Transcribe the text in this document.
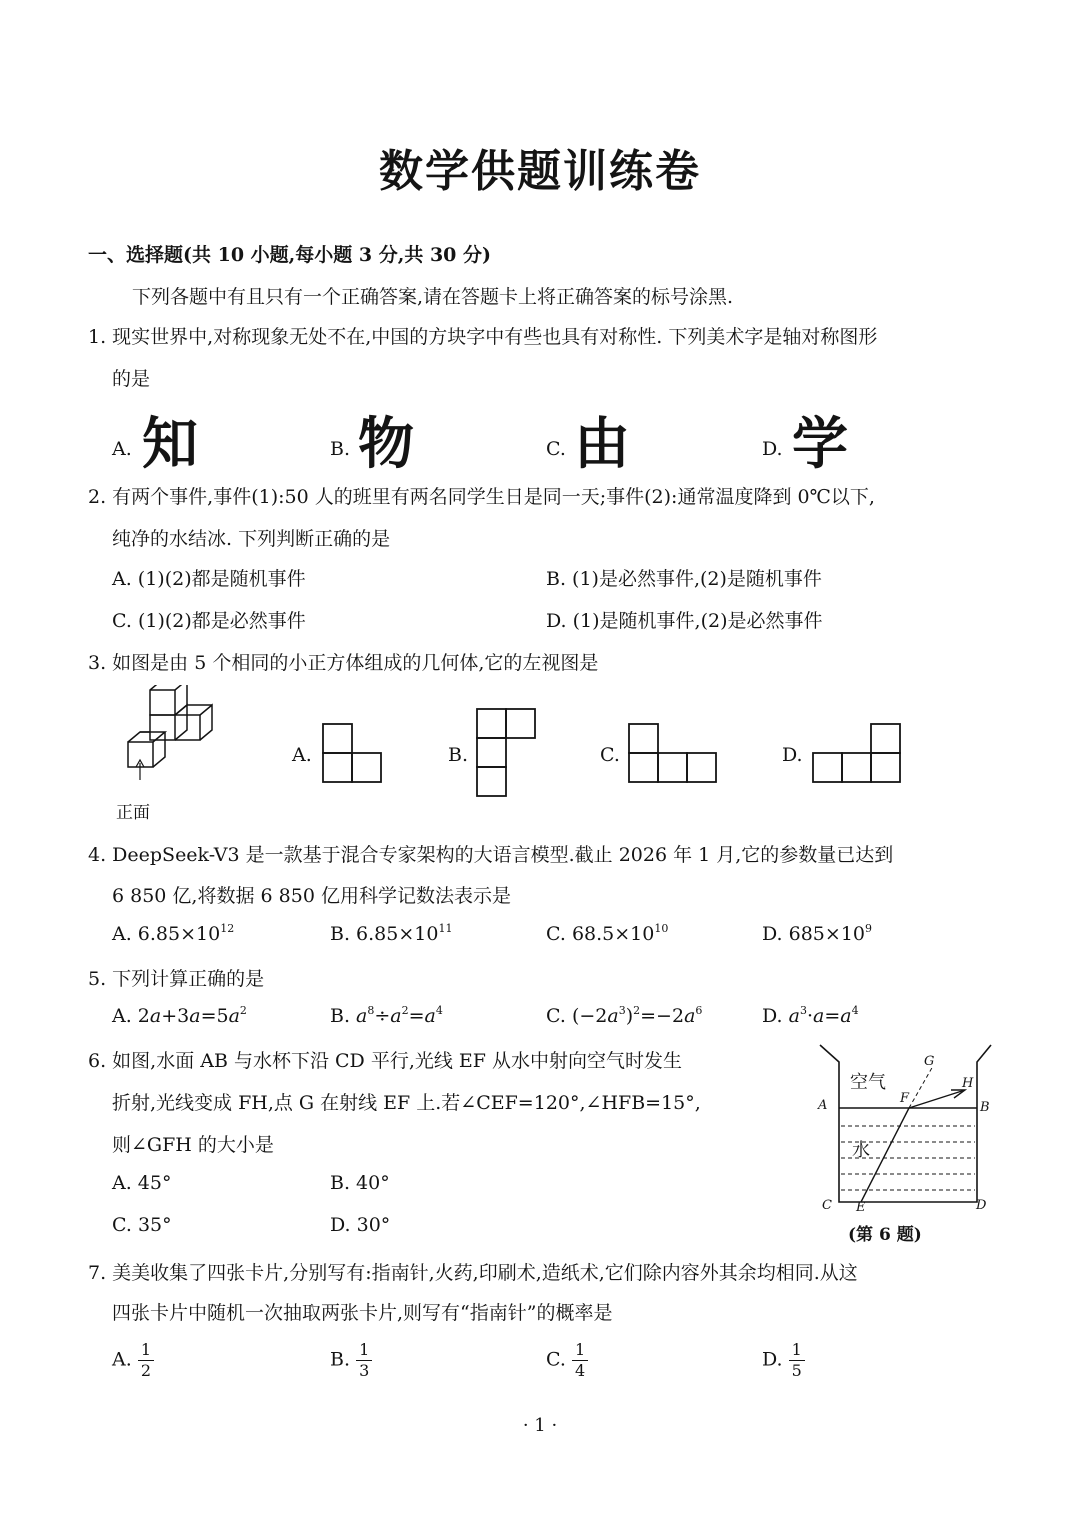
数学供题训练卷
一、选择题(共 10 小题,每小题 3 分,共 30 分)
下列各题中有且只有一个正确答案,请在答题卡上将正确答案的标号涂黑.
1. 现实世界中,对称现象无处不在,中国的方块字中有些也具有对称性. 下列美术字是轴对称图形
的是
A. 知	B. 物	C. 由	D. 学
2. 有两个事件,事件(1):50 人的班里有两名同学生日是同一天;事件(2):通常温度降到 0℃以下,
纯净的水结冰. 下列判断正确的是
A. (1)(2)都是随机事件	B. (1)是必然事件,(2)是随机事件
C. (1)(2)都是必然事件	D. (1)是随机事件,(2)是必然事件
3. 如图是由 5 个相同的小正方体组成的几何体,它的左视图是
正面
A.	B.	C.	D.
4. DeepSeek-V3 是一款基于混合专家架构的大语言模型.截止 2026 年 1 月,它的参数量已达到
6 850 亿,将数据 6 850 亿用科学记数法表示是
A. $6.85\times 10^{12}$	B. $6.85\times 10^{11}$	C. $68.5\times 10^{10}$	D. $685\times 10^9$
5. 下列计算正确的是
A. $2a+3a=5a^2$	B. $a^8\div a^2=a^4$	C. $(-2a^3)^2=-2a^6$	D. $a^3\cdot a=a^4$
6. 如图,水面 AB 与水杯下沿 CD 平行,光线 EF 从水中射向空气时发生
折射,光线变成 FH,点 G 在射线 EF 上.若∠CEF=120°,∠HFB=15°,
则∠GFH 的大小是
A. 45°	B. 40°
C. 35°	D. 30°
空气
水
A	B
C	D
E
F
G
H
(第 6 题)
7. 美美收集了四张卡片,分别写有:指南针,火药,印刷术,造纸术,它们除内容外其余均相同.从这
四张卡片中随机一次抽取两张卡片,则写有“指南针”的概率是
A. $\frac{1}{2}$	B. $\frac{1}{3}$	C. $\frac{1}{4}$	D. $\frac{1}{5}$
· 1 ·
